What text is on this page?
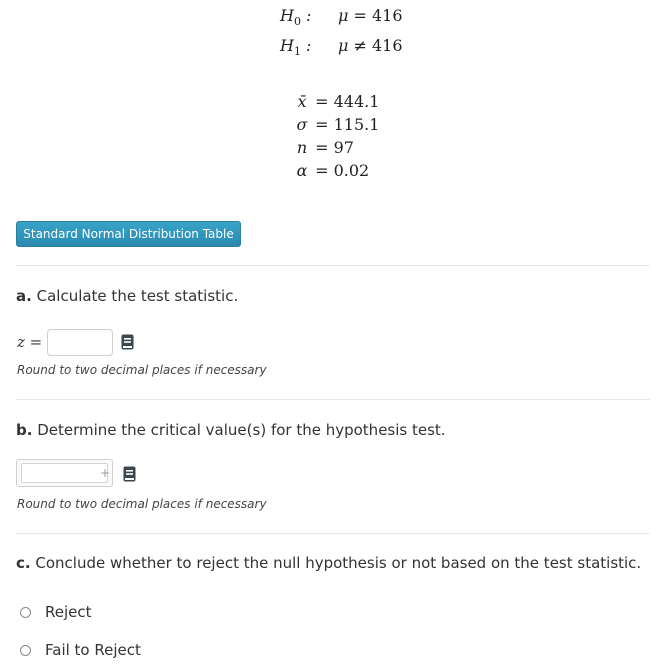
$H_0$ :	μ = 416
$H_1$ :	μ ≠ 416
x̄ = 444.1
σ = 115.1
n = 97
α = 0.02
Standard Normal Distribution Table
a. Calculate the test statistic.
z =
Round to two decimal places if necessary
b. Determine the critical value(s) for the hypothesis test.
+
Round to two decimal places if necessary
c. Conclude whether to reject the null hypothesis or not based on the test statistic.
Reject
Fail to Reject
